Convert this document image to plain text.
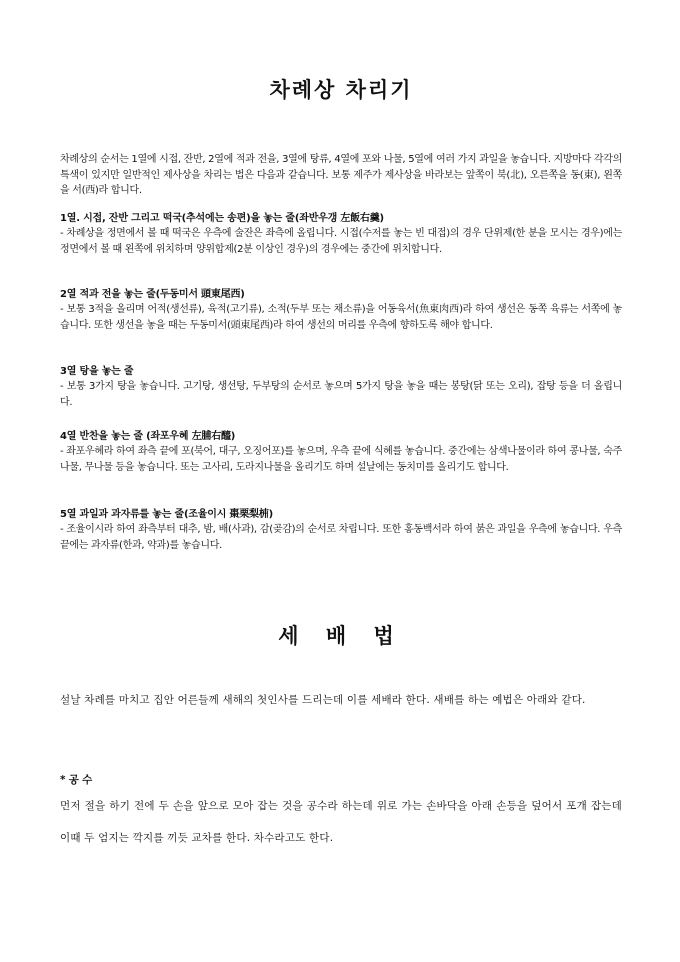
차례상 차리기

차례상의 순서는 1열에 시접, 잔반, 2열에 적과 전을, 3열에 탕류, 4열에 포와 나물, 5열에 여러 가지 과일을 놓습니다. 지방마다 각각의 특색이 있지만 일반적인 제사상을 차리는 법은 다음과 같습니다. 보통 제주가 제사상을 바라보는 앞쪽이 북(北), 오른쪽을 동(東), 왼쪽을 서(西)라 합니다.

1열. 시접, 잔반 그리고 떡국(추석에는 송편)을 놓는 줄(좌반우갱 左飯右羹)

- 차례상을 정면에서 볼 때 떡국은 우측에 술잔은 좌측에 올립니다. 시접(수저를 놓는 빈 대접)의 경우 단위제(한 분을 모시는 경우)에는 정면에서 볼 때 왼쪽에 위치하며 양위합제(2분 이상인 경우)의 경우에는 중간에 위치합니다.

2열 적과 전을 놓는 줄(두동미서 頭東尾西)

- 보통 3적을 올리며 어적(생선류), 육적(고기류), 소적(두부 또는 채소류)을 어동육서(魚東肉西)라 하여 생선은 동쪽 육류는 서쪽에 놓습니다. 또한 생선을 놓을 때는 두동미서(頭東尾西)라 하여 생선의 머리를 우측에 향하도록 해야 합니다.

3열 탕을 놓는 줄

- 보통 3가지 탕을 놓습니다. 고기탕, 생선탕, 두부탕의 순서로 놓으며 5가지 탕을 놓을 때는 봉탕(닭 또는 오리), 잡탕 등을 더 올립니다.

4열 반찬을 놓는 줄 (좌포우혜 左脯右醯)

- 좌포우혜라 하여 좌측 끝에 포(북어, 대구, 오징어포)를 놓으며, 우측 끝에 식혜를 놓습니다. 중간에는 삼색나물이라 하여 콩나물, 숙주나물, 무나물 등을 놓습니다. 또는 고사리, 도라지나물을 올리기도 하며 설날에는 동치미를 올리기도 합니다.

5열 과일과 과자류를 놓는 줄(조율이시 棗栗梨枾)

- 조율이시라 하여 좌측부터 대추, 밤, 배(사과), 감(곶감)의 순서로 차립니다. 또한 홍동백서라 하여 붉은 과일을 우측에 놓습니다. 우측 끝에는 과자류(한과, 약과)를 놓습니다.

세 배 법

설날 차례를 마치고 집안 어른들께 새해의 첫인사를 드리는데 이를 세배라 한다. 새배를 하는 예법은 아래와 같다.

* 공 수

먼저 절을 하기 전에 두 손을 앞으로 모아 잡는 것을 공수라 하는데 위로 가는 손바닥을 아래 손등을 덮어서 포개 잡는데 이때 두 엄지는 깍지를 끼듯 교차를 한다. 차수라고도 한다.
